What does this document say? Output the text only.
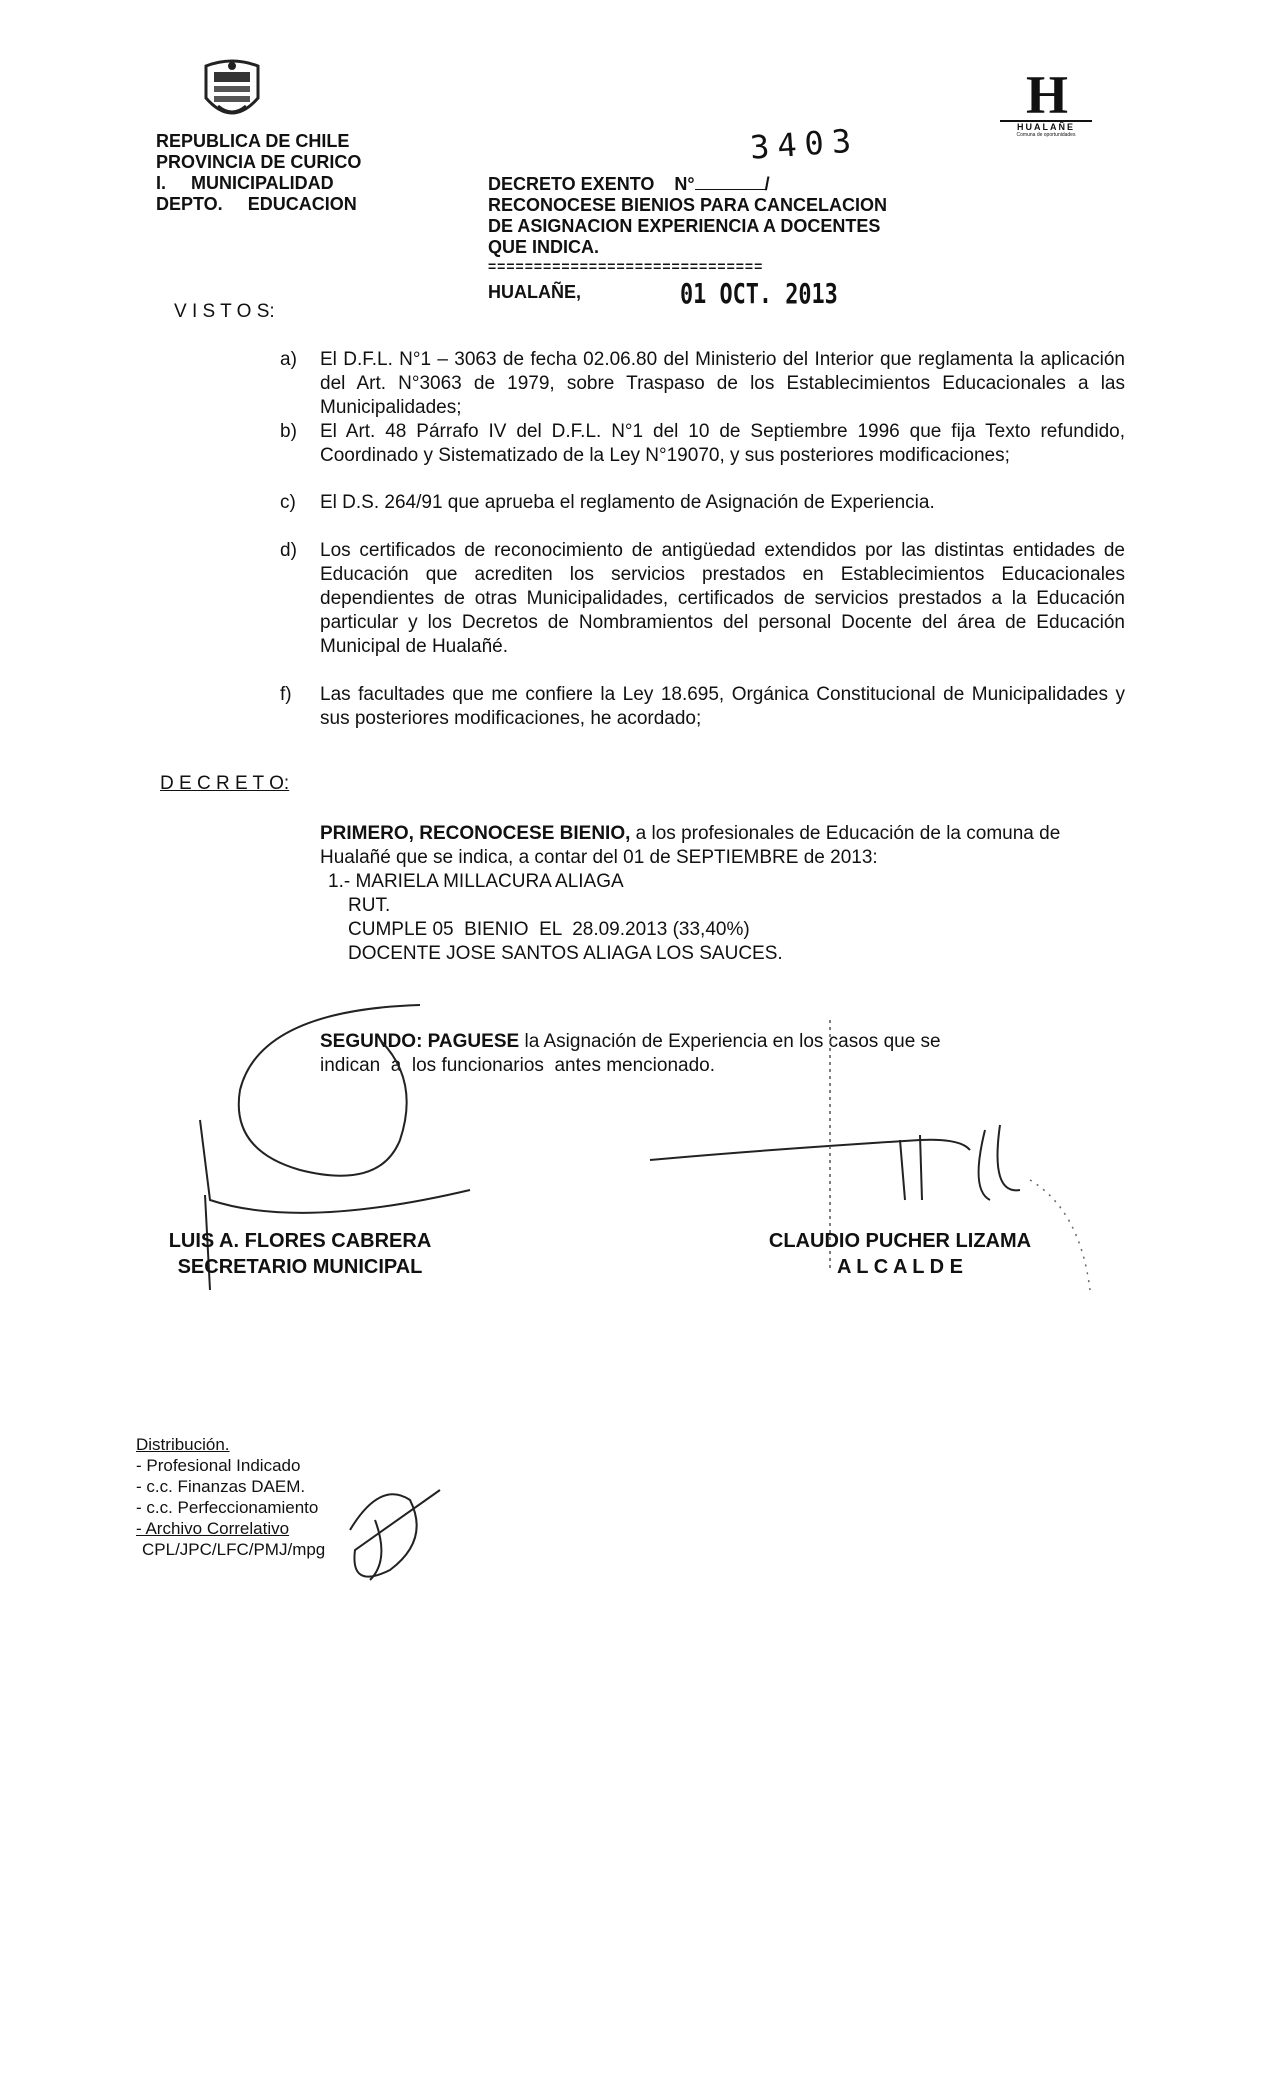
REPUBLICA DE CHILE
PROVINCIA DE CURICO
I.     MUNICIPALIDAD
DEPTO.     EDUCACION
H
HUALAÑE
Comuna de oportunidades
3403
DECRETO EXENTO    N°	/
RECONOCESE BIENIOS PARA CANCELACION
DE ASIGNACION EXPERIENCIA A DOCENTES
QUE INDICA.
==============================
HUALAÑE,	01 OCT. 2013
V I S T O S:
a) El D.F.L. N°1 – 3063 de fecha 02.06.80 del Ministerio del Interior que reglamenta la aplicación del Art. N°3063 de 1979, sobre Traspaso de los Establecimientos Educacionales a las Municipalidades;
b) El Art. 48 Párrafo IV del D.F.L. N°1 del 10 de Septiembre 1996 que fija Texto refundido, Coordinado y Sistematizado de la Ley N°19070, y sus posteriores modificaciones;
c) El D.S. 264/91 que aprueba el reglamento de Asignación de Experiencia.
d) Los certificados de reconocimiento de antigüedad extendidos por las distintas entidades de Educación que acrediten los servicios prestados en Establecimientos Educacionales dependientes de otras Municipalidades, certificados de servicios prestados a la Educación particular y los Decretos de Nombramientos del personal Docente del área de Educación Municipal de Hualañé.
f) Las facultades que me confiere la Ley 18.695, Orgánica Constitucional de Municipalidades y sus posteriores modificaciones, he acordado;
D E C R E T O:
PRIMERO, RECONOCESE BIENIO, a los profesionales de Educación de la comuna de Hualañé que se indica, a contar del 01 de SEPTIEMBRE de 2013:
1.- MARIELA MILLACURA ALIAGA
RUT.
CUMPLE 05  BIENIO  EL  28.09.2013 (33,40%)
DOCENTE JOSE SANTOS ALIAGA LOS SAUCES.
SEGUNDO: PAGUESE la Asignación de Experiencia en los casos que se
indican  a  los funcionarios  antes mencionado.
LUIS A. FLORES CABRERA
SECRETARIO MUNICIPAL
CLAUDIO PUCHER LIZAMA
A L C A L D E
Distribución.
- Profesional Indicado
- c.c. Finanzas DAEM.
- c.c. Perfeccionamiento
- Archivo Correlativo
CPL/JPC/LFC/PMJ/mpg
